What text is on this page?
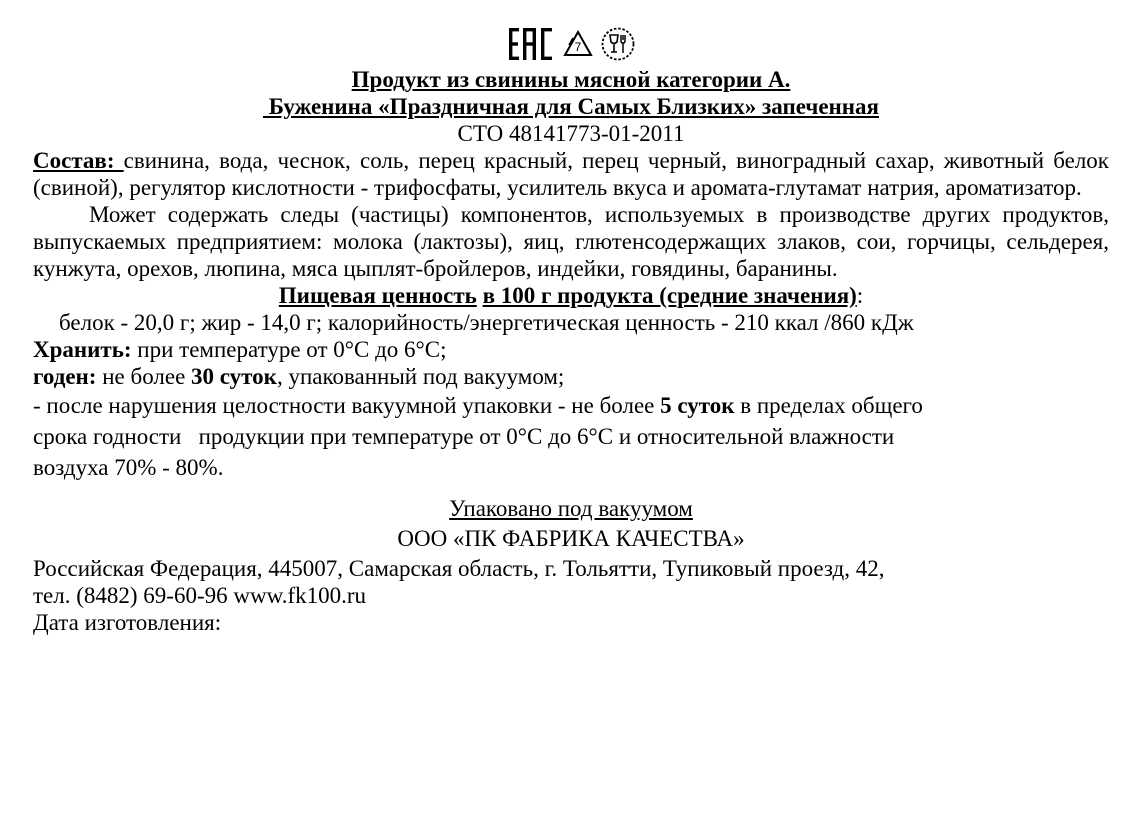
7

Продукт из свинины мясной категории А.

Буженина «Праздничная для Самых Близких» запеченная

СТО 48141773-01-2011

Состав: свинина, вода, чеснок, соль, перец красный, перец черный, виноградный сахар, животный белок (свиной), регулятор кислотности - трифосфаты, усилитель вкуса и аромата-глутамат натрия, ароматизатор.

Может содержать следы (частицы) компонентов, используемых в производстве других продуктов, выпускаемых предприятием: молока (лактозы), яиц, глютенсодержащих злаков, сои, горчицы, сельдерея, кунжута, орехов, люпина, мяса цыплят-бройлеров, индейки, говядины, баранины.

Пищевая ценность в 100 г продукта (средние значения):

белок - 20,0 г; жир - 14,0 г; калорийность/энергетическая ценность - 210 ккал /860 кДж

Хранить: при температуре от 0°С до 6°С;

годен: не более 30 суток, упакованный под вакуумом;

- после нарушения целостности вакуумной упаковки - не более 5 суток в пределах общего

срока годности   продукции при температуре от 0°С до 6°С и относительной влажности

воздуха 70% - 80%.

Упаковано под вакуумом

ООО «ПК ФАБРИКА КАЧЕСТВА»

Российская Федерация, 445007, Самарская область, г. Тольятти, Тупиковый проезд, 42,

тел. (8482) 69-60-96 www.fk100.ru

Дата изготовления:
